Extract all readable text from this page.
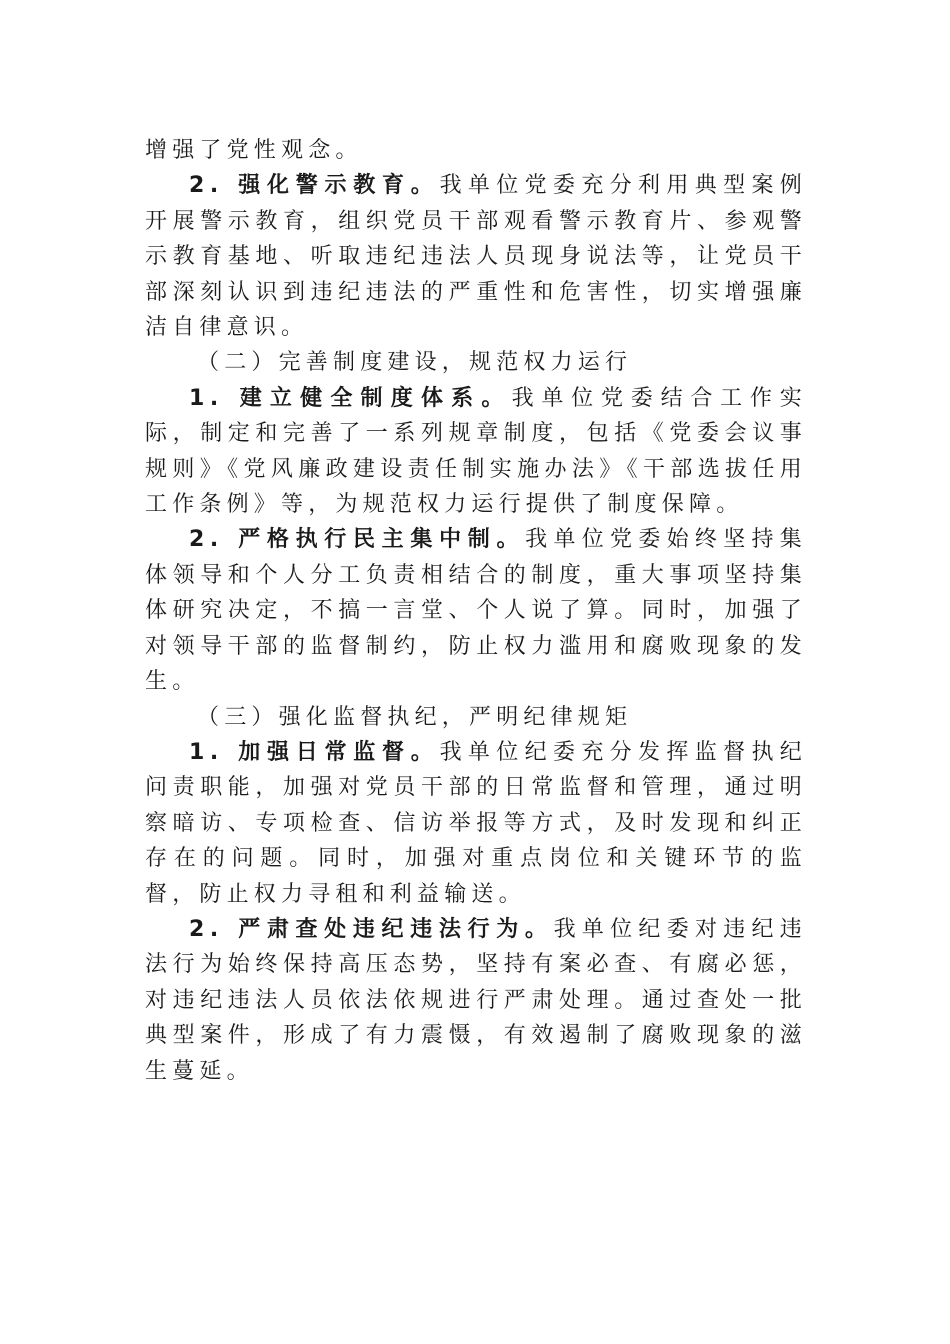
增强了党性观念。

2. 强化警示教育。我单位党委充分利用典型案例开展警示教育，组织党员干部观看警示教育片、参观警示教育基地、听取违纪违法人员现身说法等，让党员干部深刻认识到违纪违法的严重性和危害性，切实增强廉洁自律意识。

（二）完善制度建设，规范权力运行

1. 建立健全制度体系。我单位党委结合工作实际，制定和完善了一系列规章制度，包括《党委会议事规则》《党风廉政建设责任制实施办法》《干部选拔任用工作条例》等，为规范权力运行提供了制度保障。

2. 严格执行民主集中制。我单位党委始终坚持集体领导和个人分工负责相结合的制度，重大事项坚持集体研究决定，不搞一言堂、个人说了算。同时，加强了对领导干部的监督制约，防止权力滥用和腐败现象的发生。

（三）强化监督执纪，严明纪律规矩

1. 加强日常监督。我单位纪委充分发挥监督执纪问责职能，加强对党员干部的日常监督和管理，通过明察暗访、专项检查、信访举报等方式，及时发现和纠正存在的问题。同时，加强对重点岗位和关键环节的监督，防止权力寻租和利益输送。

2. 严肃查处违纪违法行为。我单位纪委对违纪违法行为始终保持高压态势，坚持有案必查、有腐必惩，对违纪违法人员依法依规进行严肃处理。通过查处一批典型案件，形成了有力震慑，有效遏制了腐败现象的滋生蔓延。
